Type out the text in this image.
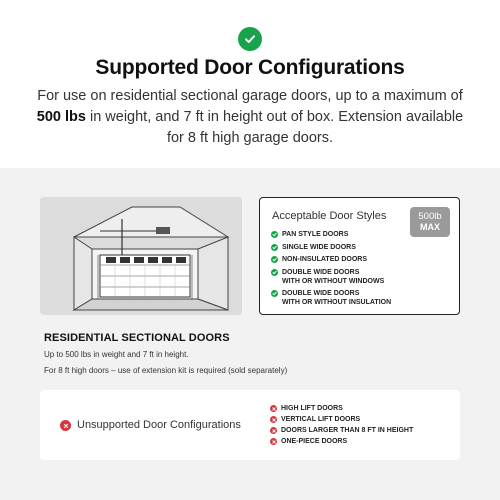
Supported Door Configurations
For use on residential sectional garage doors, up to a maximum of 500 lbs in weight, and 7 ft in height out of box. Extension available for 8 ft high garage doors.
Acceptable Door Styles	500lb
MAX
PAN STYLE DOORS
SINGLE WIDE DOORS
NON-INSULATED DOORS
DOUBLE WIDE DOORS
WITH OR WITHOUT WINDOWS
DOUBLE WIDE DOORS
WITH OR WITHOUT INSULATION
RESIDENTIAL SECTIONAL DOORS
Up to 500 lbs in weight and 7 ft in height.
For 8 ft high doors – use of extension kit is required (sold separately)
Unsupported Door Configurations
HIGH LIFT DOORS
VERTICAL LIFT DOORS
DOORS LARGER THAN 8 FT IN HEIGHT
ONE-PIECE DOORS
